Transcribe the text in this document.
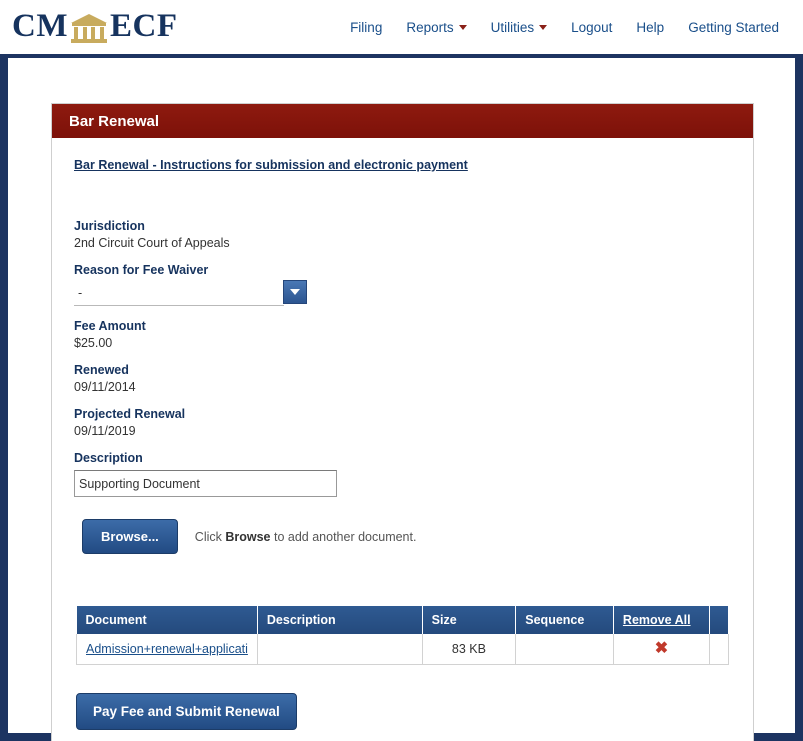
CM ECF	Filing Reports	Utilities	Logout Help Getting Started
Bar Renewal
Bar Renewal - Instructions for submission and electronic payment
Jurisdiction
2nd Circuit Court of Appeals
Reason for Fee Waiver
-
Fee Amount
$25.00
Renewed
09/11/2014
Projected Renewal
09/11/2019
Description
Supporting Document
Browse...	Click Browse to add another document.
Document	Description	Size	Sequence	Remove All	
Admission+renewal+applicati		83 KB		✖	
Pay Fee and Submit Renewal
